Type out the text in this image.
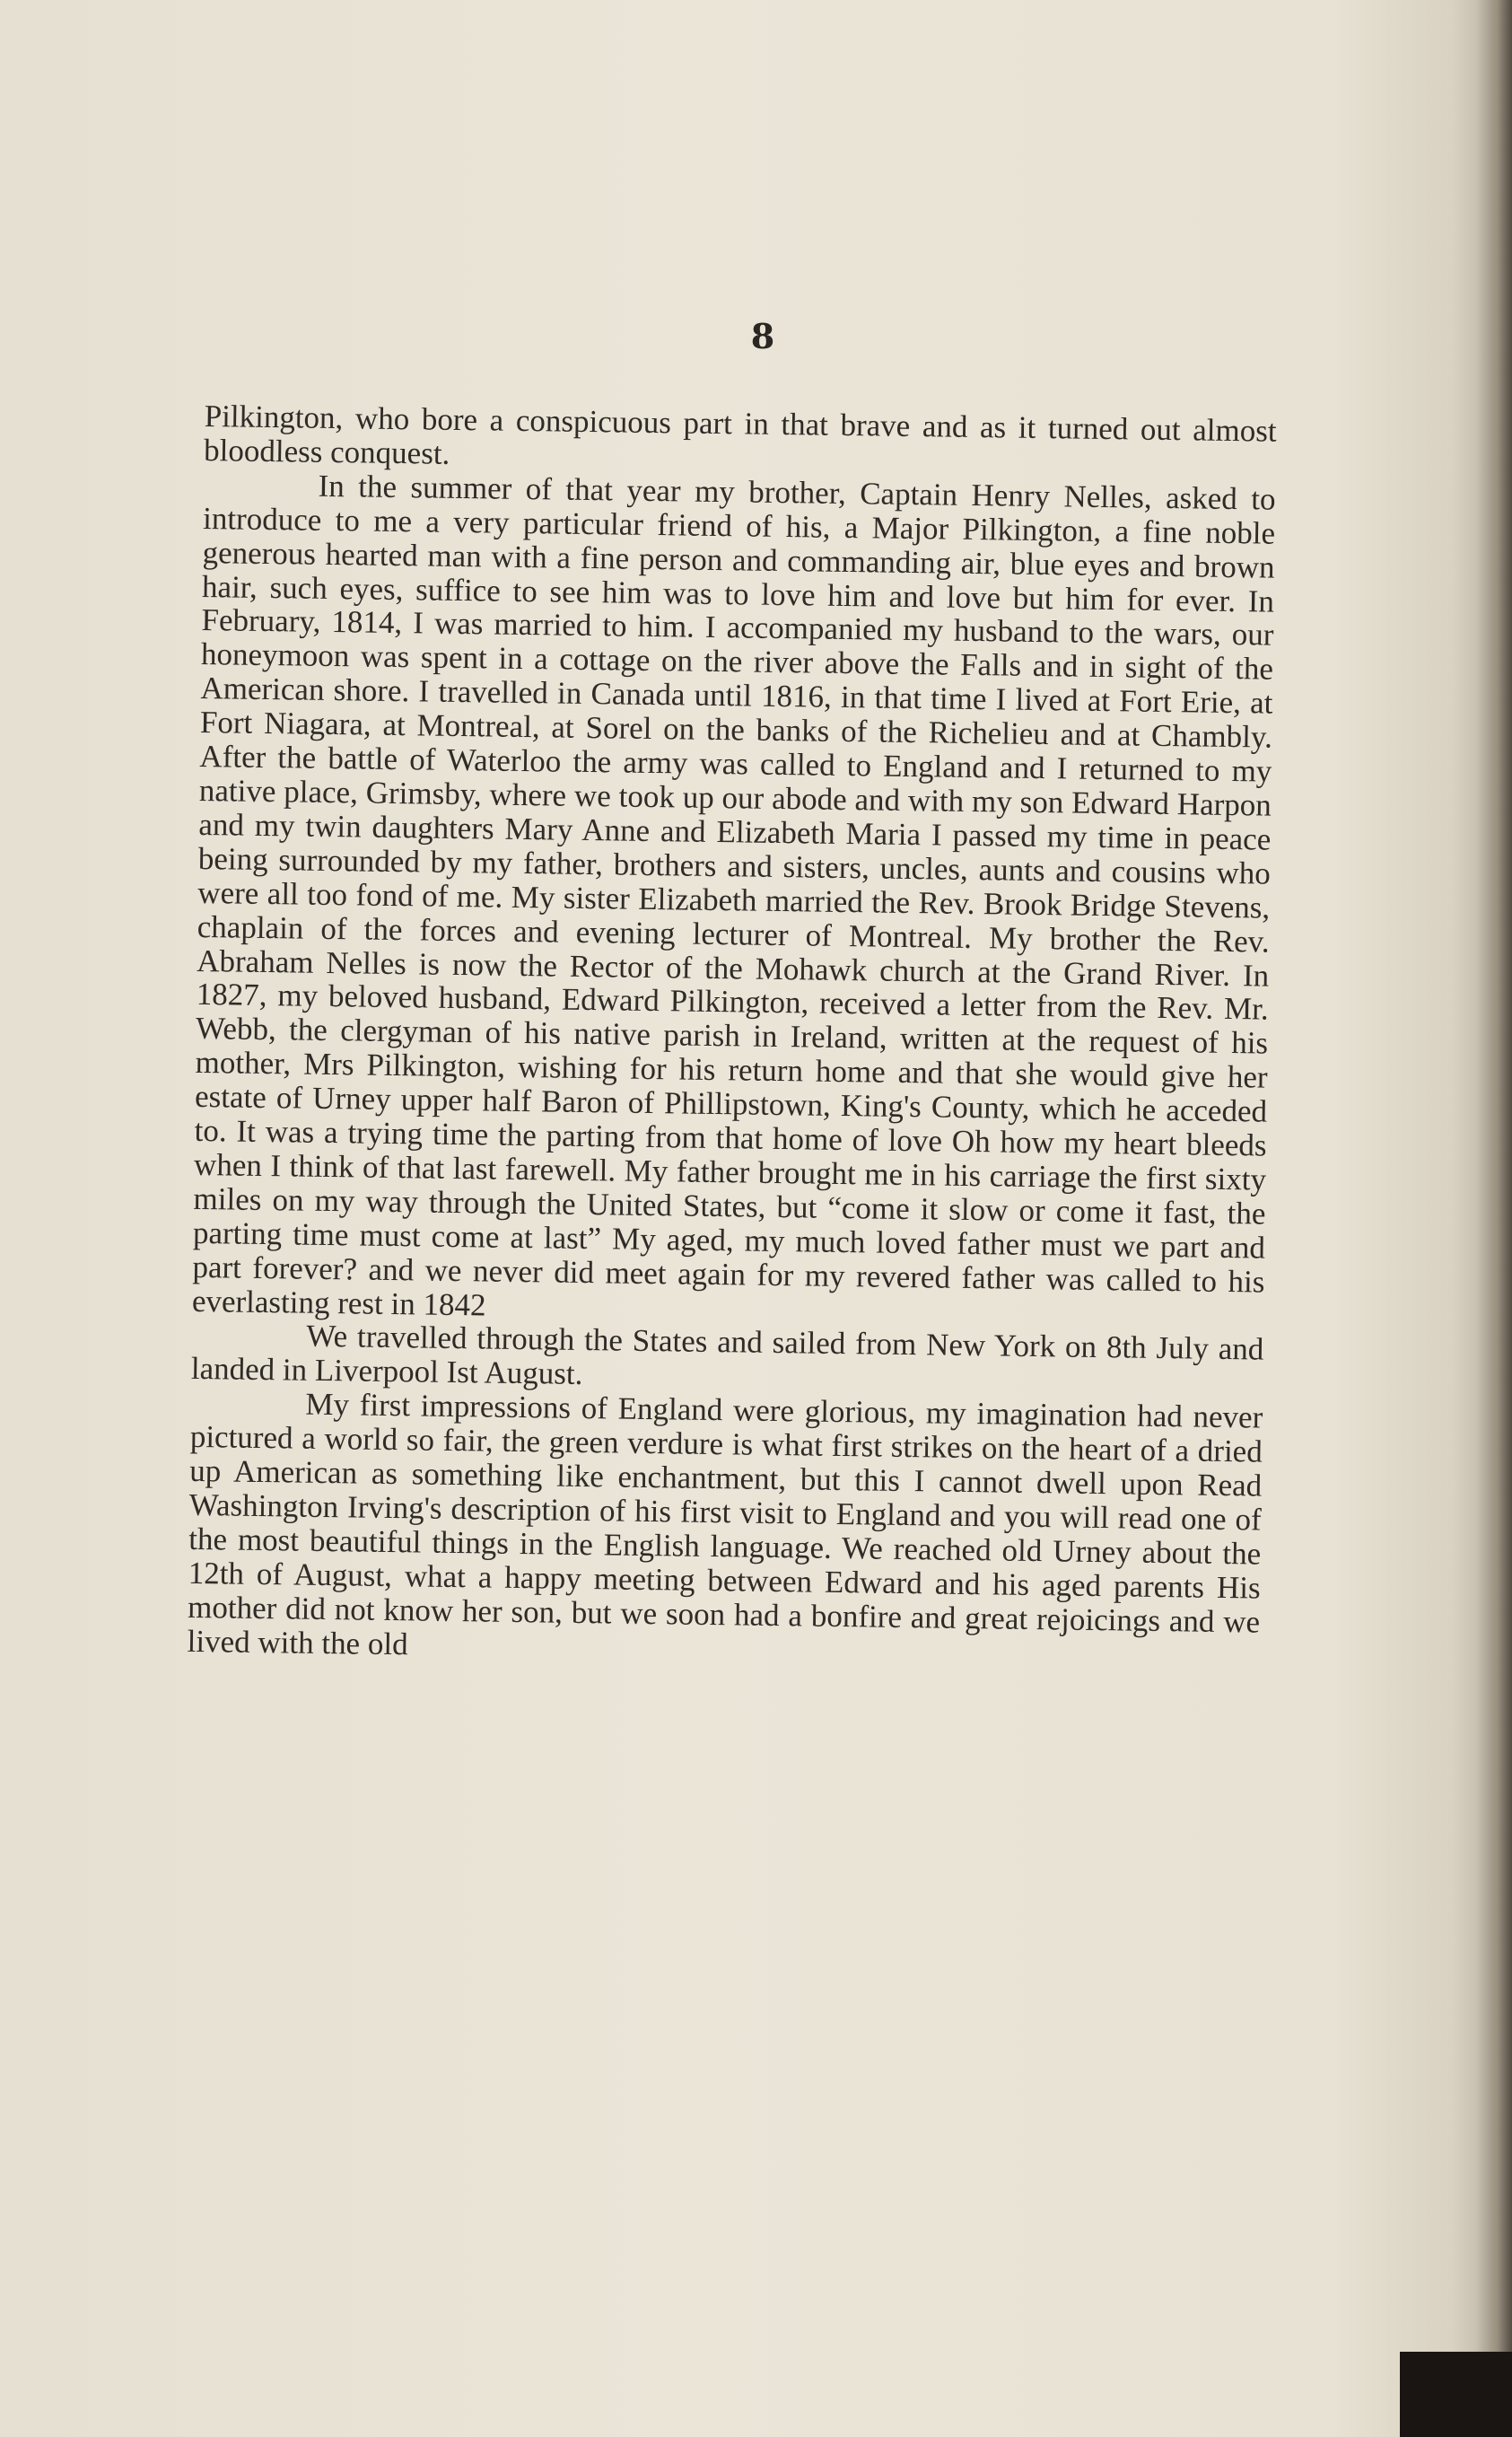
8

Pilkington, who bore a conspicuous part in that brave and as it turned out almost bloodless conquest.

In the summer of that year my brother, Captain Henry Nelles, asked to introduce to me a very particular friend of his, a Major Pilkington, a fine noble generous hearted man with a fine person and commanding air, blue eyes and brown hair, such eyes, suffice to see him was to love him and love but him for ever. In February, 1814, I was married to him. I accompanied my husband to the wars, our honeymoon was spent in a cottage on the river above the Falls and in sight of the American shore. I travelled in Canada until 1816, in that time I lived at Fort Erie, at Fort Niagara, at Montreal, at Sorel on the banks of the Richelieu and at Chambly. After the battle of Waterloo the army was called to England and I returned to my native place, Grimsby, where we took up our abode and with my son Edward Harpon and my twin daughters Mary Anne and Elizabeth Maria I passed my time in peace being surrounded by my father, brothers and sisters, uncles, aunts and cousins who were all too fond of me. My sister Elizabeth married the Rev. Brook Bridge Stevens, chaplain of the forces and evening lecturer of Montreal. My brother the Rev. Abraham Nelles is now the Rector of the Mohawk church at the Grand River. In 1827, my beloved husband, Edward Pilkington, received a letter from the Rev. Mr. Webb, the clergyman of his native parish in Ireland, written at the request of his mother, Mrs Pilkington, wishing for his return home and that she would give her estate of Urney upper half Baron of Phillipstown, King's County, which he acceded to. It was a trying time the parting from that home of love Oh how my heart bleeds when I think of that last farewell. My father brought me in his carriage the first sixty miles on my way through the United States, but “come it slow or come it fast, the parting time must come at last” My aged, my much loved father must we part and part forever? and we never did meet again for my revered father was called to his everlasting rest in 1842

We travelled through the States and sailed from New York on 8th July and landed in Liverpool Ist August.

My first impressions of England were glorious, my imagination had never pictured a world so fair, the green verdure is what first strikes on the heart of a dried up American as something like enchantment, but this I cannot dwell upon Read Washington Irving's description of his first visit to England and you will read one of the most beautiful things in the English language. We reached old Urney about the 12th of August, what a happy meeting between Edward and his aged parents His mother did not know her son, but we soon had a bonfire and great rejoicings and we lived with the old
